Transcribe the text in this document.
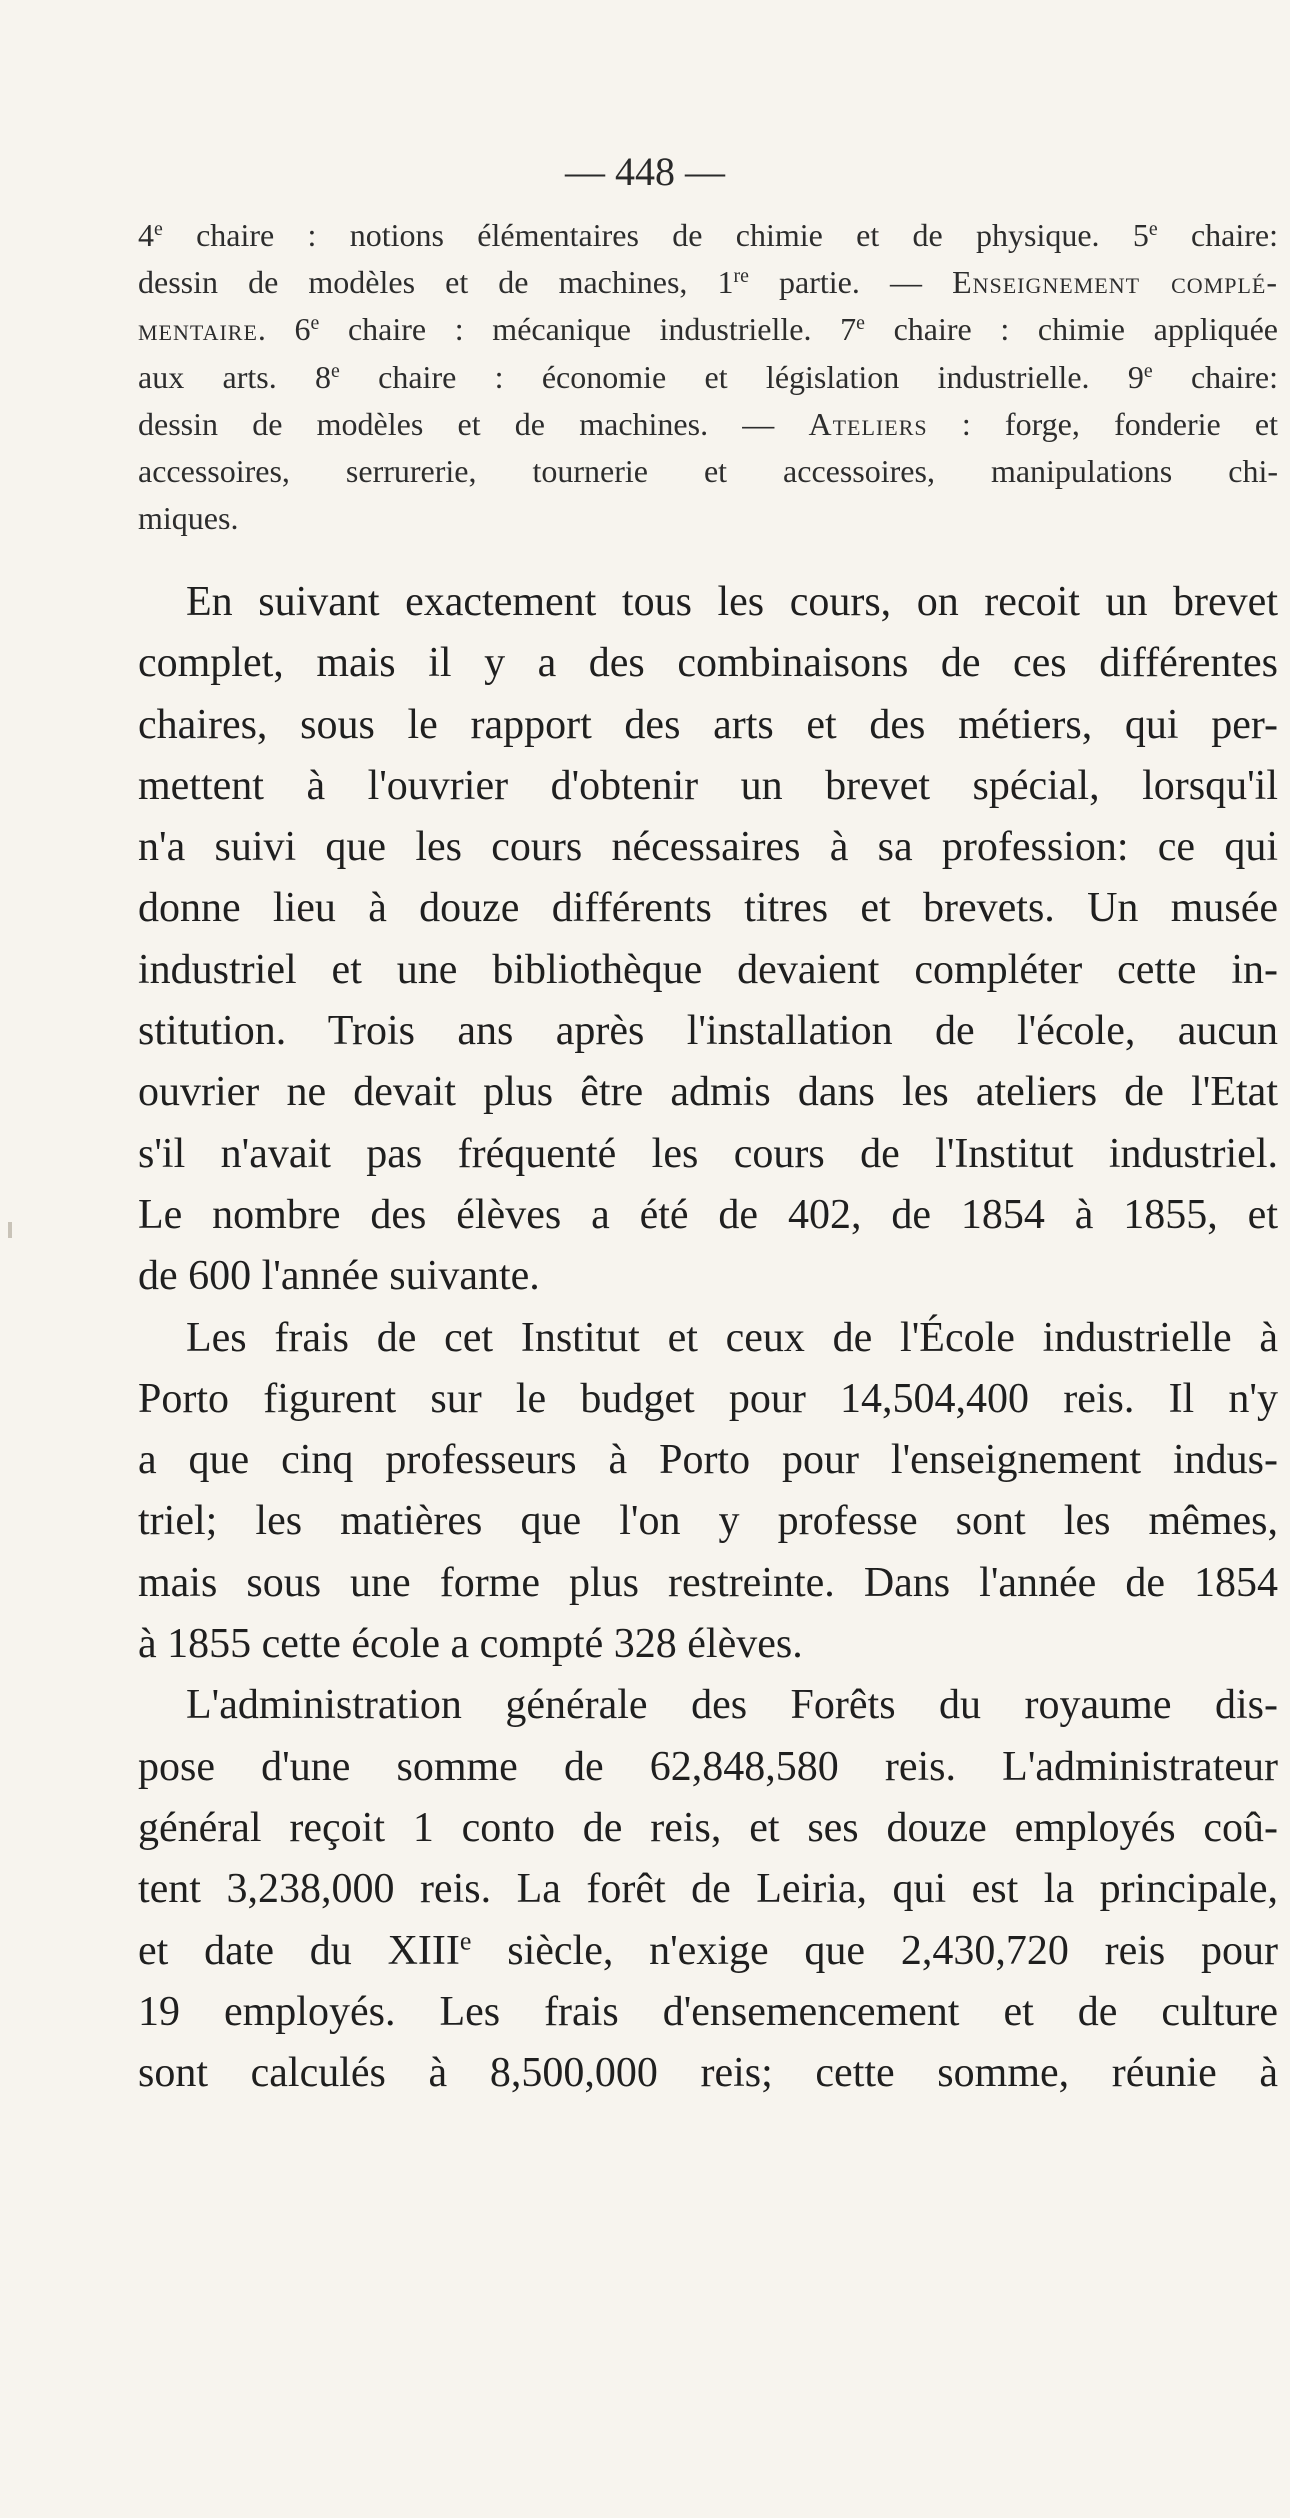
— 448 —
4e chaire : notions élémentaires de chimie et de physique. 5e chaire:
dessin de modèles et de machines, 1re partie. — Enseignement complé-
mentaire. 6e chaire : mécanique industrielle. 7e chaire : chimie appliquée
aux arts. 8e chaire : économie et législation industrielle. 9e chaire:
dessin de modèles et de machines. — Ateliers : forge, fonderie et
accessoires, serrurerie, tournerie et accessoires, manipulations chi-
miques.
En suivant exactement tous les cours, on recoit un brevet
complet, mais il y a des combinaisons de ces différentes
chaires, sous le rapport des arts et des métiers, qui per-
mettent à l'ouvrier d'obtenir un brevet spécial, lorsqu'il
n'a suivi que les cours nécessaires à sa profession: ce qui
donne lieu à douze différents titres et brevets. Un musée
industriel et une bibliothèque devaient compléter cette in-
stitution. Trois ans après l'installation de l'école, aucun
ouvrier ne devait plus être admis dans les ateliers de l'Etat
s'il n'avait pas fréquenté les cours de l'Institut industriel.
Le nombre des élèves a été de 402, de 1854 à 1855, et
de 600 l'année suivante.
Les frais de cet Institut et ceux de l'École industrielle à
Porto figurent sur le budget pour 14,504,400 reis. Il n'y
a que cinq professeurs à Porto pour l'enseignement indus-
triel; les matières que l'on y professe sont les mêmes,
mais sous une forme plus restreinte. Dans l'année de 1854
à 1855 cette école a compté 328 élèves.
L'administration générale des Forêts du royaume dis-
pose d'une somme de 62,848,580 reis. L'administrateur
général reçoit 1 conto de reis, et ses douze employés coû-
tent 3,238,000 reis. La forêt de Leiria, qui est la principale,
et date du XIIIe siècle, n'exige que 2,430,720 reis pour
19 employés. Les frais d'ensemencement et de culture
sont calculés à 8,500,000 reis; cette somme, réunie à
